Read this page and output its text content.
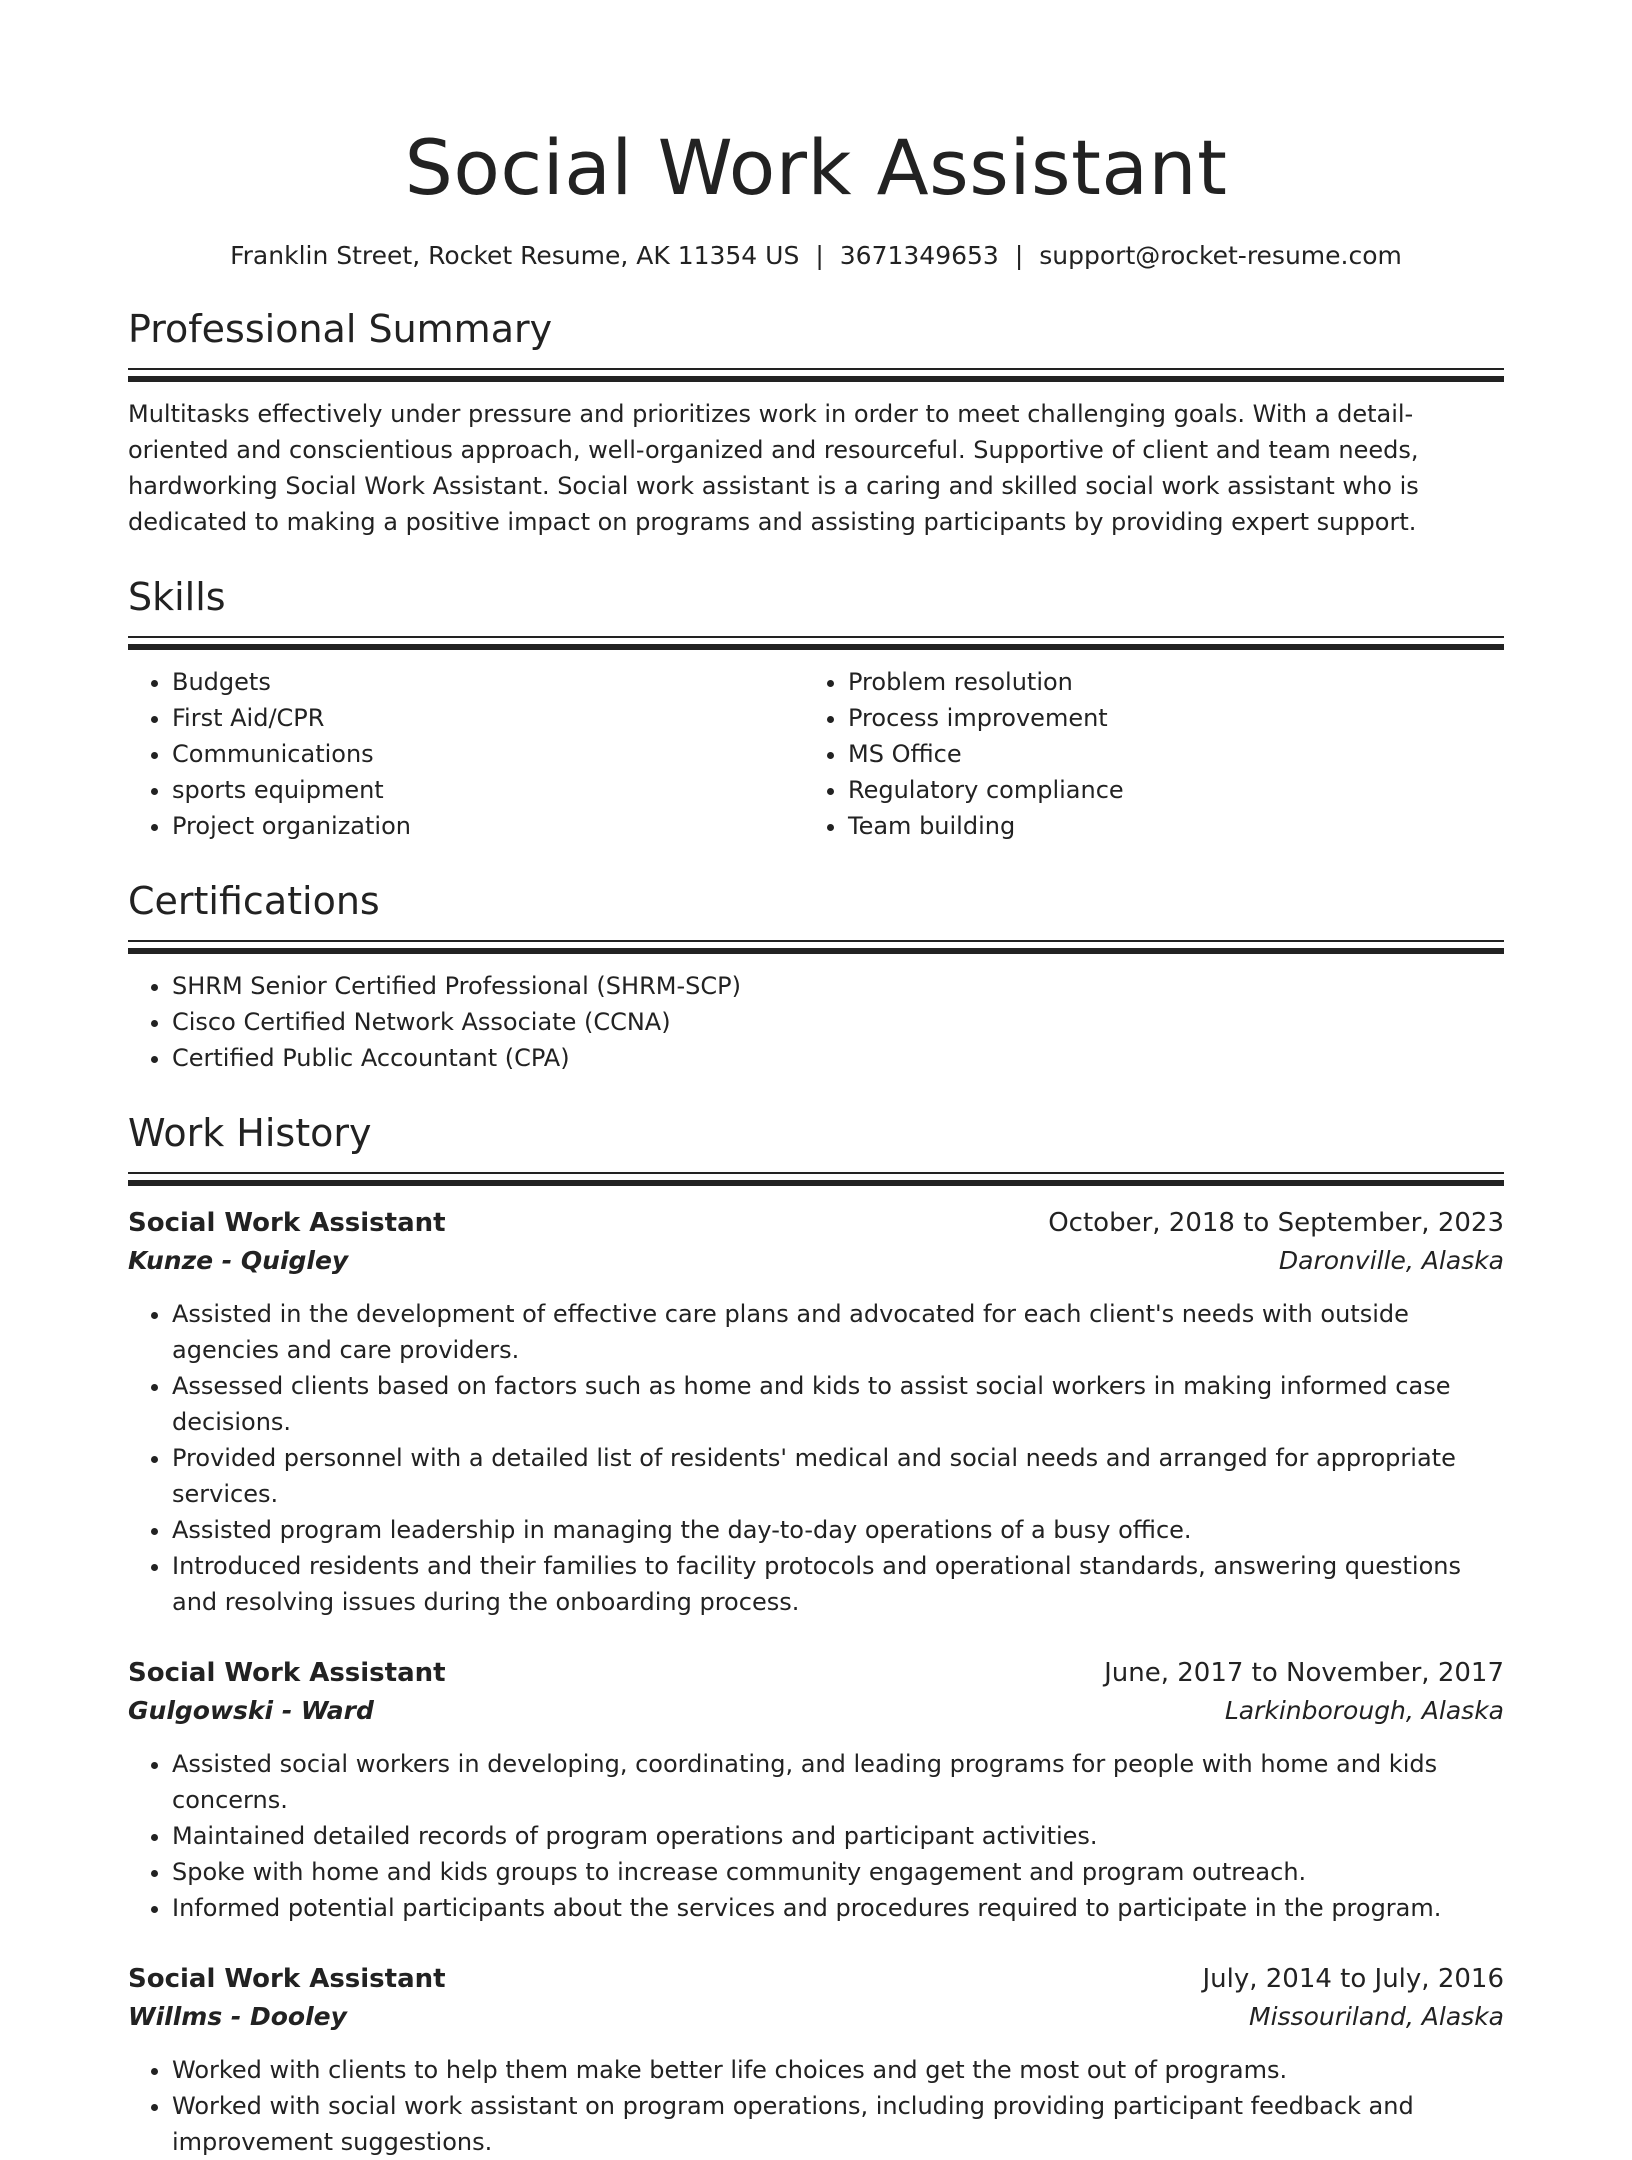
Social Work Assistant
Franklin Street, Rocket Resume, AK 11354 US | 3671349653 | support@rocket-resume.com
Professional Summary
Multitasks effectively under pressure and prioritizes work in order to meet challenging goals. With a detail-oriented and conscientious approach, well-organized and resourceful. Supportive of client and team needs, hardworking Social Work Assistant. Social work assistant is a caring and skilled social work assistant who is dedicated to making a positive impact on programs and assisting participants by providing expert support.
Skills
• Budgets
• First Aid/CPR
• Communications
• sports equipment
• Project organization
• Problem resolution
• Process improvement
• MS Office
• Regulatory compliance
• Team building
Certifications
• SHRM Senior Certified Professional (SHRM-SCP)
• Cisco Certified Network Associate (CCNA)
• Certified Public Accountant (CPA)
Work History
Social Work Assistant	October, 2018 to September, 2023
Kunze - Quigley	Daronville, Alaska
• Assisted in the development of effective care plans and advocated for each client's needs with outside agencies and care providers.
• Assessed clients based on factors such as home and kids to assist social workers in making informed case decisions.
• Provided personnel with a detailed list of residents' medical and social needs and arranged for appropriate services.
• Assisted program leadership in managing the day-to-day operations of a busy office.
• Introduced residents and their families to facility protocols and operational standards, answering questions and resolving issues during the onboarding process.
Social Work Assistant	June, 2017 to November, 2017
Gulgowski - Ward	Larkinborough, Alaska
• Assisted social workers in developing, coordinating, and leading programs for people with home and kids concerns.
• Maintained detailed records of program operations and participant activities.
• Spoke with home and kids groups to increase community engagement and program outreach.
• Informed potential participants about the services and procedures required to participate in the program.
Social Work Assistant	July, 2014 to July, 2016
Willms - Dooley	Missouriland, Alaska
• Worked with clients to help them make better life choices and get the most out of programs.
• Worked with social work assistant on program operations, including providing participant feedback and improvement suggestions.
